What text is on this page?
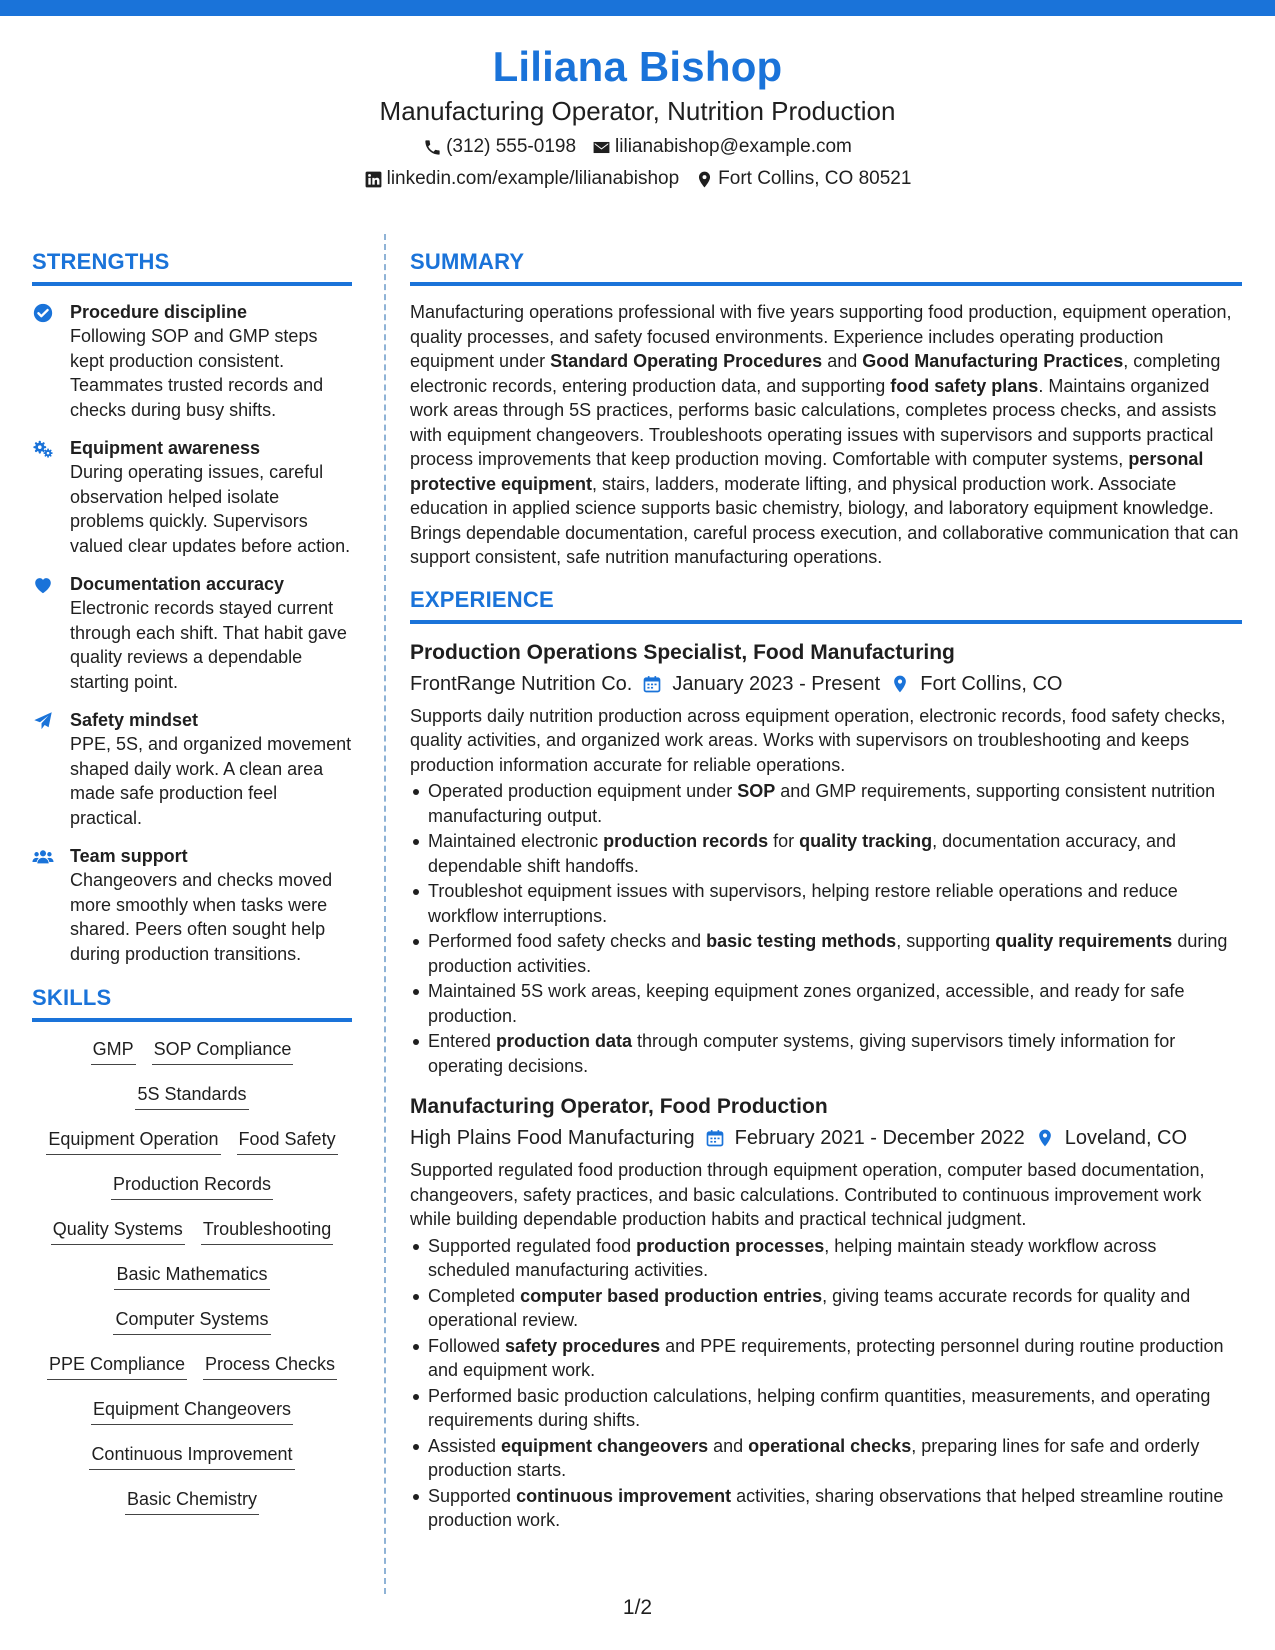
Liliana Bishop
Manufacturing Operator, Nutrition Production
(312) 555-0198 lilianabishop@example.com
linkedin.com/example/lilianabishop Fort Collins, CO 80521
STRENGTHS
Procedure discipline
Following SOP and GMP steps kept production consistent. Teammates trusted records and checks during busy shifts.
Equipment awareness
During operating issues, careful observation helped isolate problems quickly. Supervisors valued clear updates before action.
Documentation accuracy
Electronic records stayed current through each shift. That habit gave quality reviews a dependable starting point.
Safety mindset
PPE, 5S, and organized movement shaped daily work. A clean area made safe production feel practical.
Team support
Changeovers and checks moved more smoothly when tasks were shared. Peers often sought help during production transitions.
SKILLS
GMP SOP Compliance
5S Standards
Equipment Operation Food Safety
Production Records
Quality Systems Troubleshooting
Basic Mathematics
Computer Systems
PPE Compliance Process Checks
Equipment Changeovers
Continuous Improvement
Basic Chemistry
SUMMARY
Manufacturing operations professional with five years supporting food production, equipment operation, quality processes, and safety focused environments. Experience includes operating production equipment under Standard Operating Procedures and Good Manufacturing Practices, completing electronic records, entering production data, and supporting food safety plans. Maintains organized work areas through 5S practices, performs basic calculations, completes process checks, and assists with equipment changeovers. Troubleshoots operating issues with supervisors and supports practical process improvements that keep production moving. Comfortable with computer systems, personal protective equipment, stairs, ladders, moderate lifting, and physical production work. Associate education in applied science supports basic chemistry, biology, and laboratory equipment knowledge. Brings dependable documentation, careful process execution, and collaborative communication that can support consistent, safe nutrition manufacturing operations.
EXPERIENCE
Production Operations Specialist, Food Manufacturing
FrontRange Nutrition Co. January 2023 - Present Fort Collins, CO
Supports daily nutrition production across equipment operation, electronic records, food safety checks, quality activities, and organized work areas. Works with supervisors on troubleshooting and keeps production information accurate for reliable operations.
Operated production equipment under SOP and GMP requirements, supporting consistent nutrition manufacturing output.
Maintained electronic production records for quality tracking, documentation accuracy, and dependable shift handoffs.
Troubleshot equipment issues with supervisors, helping restore reliable operations and reduce workflow interruptions.
Performed food safety checks and basic testing methods, supporting quality requirements during production activities.
Maintained 5S work areas, keeping equipment zones organized, accessible, and ready for safe production.
Entered production data through computer systems, giving supervisors timely information for operating decisions.
Manufacturing Operator, Food Production
High Plains Food Manufacturing February 2021 - December 2022 Loveland, CO
Supported regulated food production through equipment operation, computer based documentation, changeovers, safety practices, and basic calculations. Contributed to continuous improvement work while building dependable production habits and practical technical judgment.
Supported regulated food production processes, helping maintain steady workflow across scheduled manufacturing activities.
Completed computer based production entries, giving teams accurate records for quality and operational review.
Followed safety procedures and PPE requirements, protecting personnel during routine production and equipment work.
Performed basic production calculations, helping confirm quantities, measurements, and operating requirements during shifts.
Assisted equipment changeovers and operational checks, preparing lines for safe and orderly production starts.
Supported continuous improvement activities, sharing observations that helped streamline routine production work.
1/2
